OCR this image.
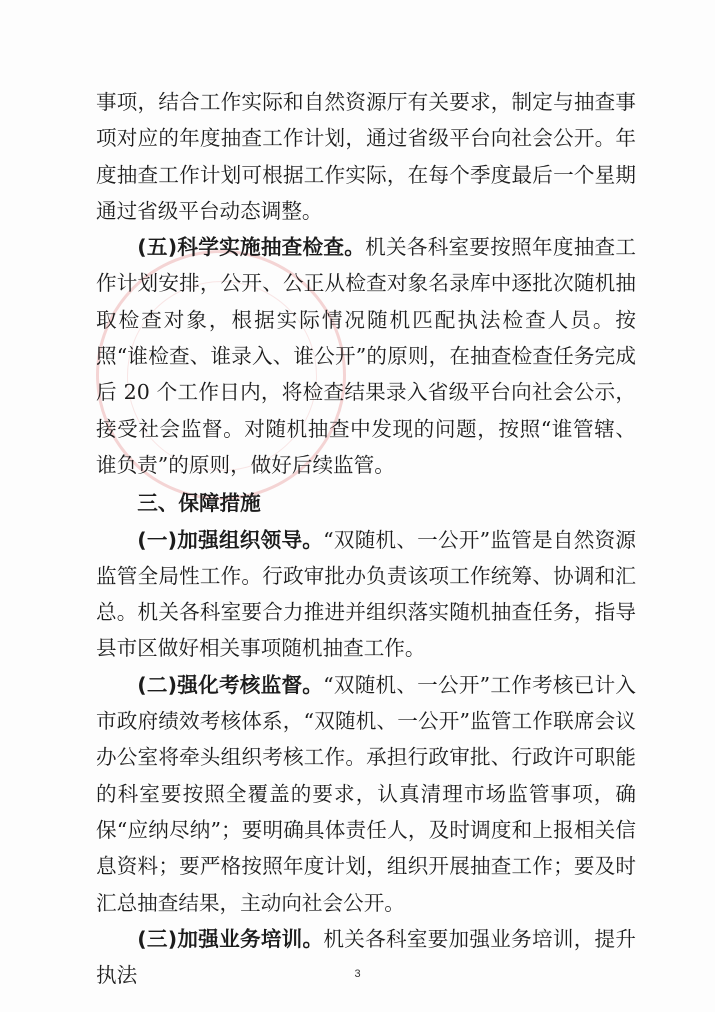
事项，结合工作实际和自然资源厅有关要求，制定与抽查事项对应的年度抽查工作计划，通过省级平台向社会公开。年度抽查工作计划可根据工作实际，在每个季度最后一个星期通过省级平台动态调整。

(五)科学实施抽查检查。机关各科室要按照年度抽查工作计划安排，公开、公正从检查对象名录库中逐批次随机抽取检查对象，根据实际情况随机匹配执法检查人员。按照“谁检查、谁录入、谁公开”的原则，在抽查检查任务完成后 20 个工作日内，将检查结果录入省级平台向社会公示，接受社会监督。对随机抽查中发现的问题，按照“谁管辖、谁负责”的原则，做好后续监管。

三、保障措施

(一)加强组织领导。“双随机、一公开”监管是自然资源监管全局性工作。行政审批办负责该项工作统筹、协调和汇总。机关各科室要合力推进并组织落实随机抽查任务，指导县市区做好相关事项随机抽查工作。

(二)强化考核监督。“双随机、一公开”工作考核已计入市政府绩效考核体系，“双随机、一公开”监管工作联席会议办公室将牵头组织考核工作。承担行政审批、行政许可职能的科室要按照全覆盖的要求，认真清理市场监管事项，确保“应纳尽纳”；要明确具体责任人，及时调度和上报相关信息资料；要严格按照年度计划，组织开展抽查工作；要及时汇总抽查结果，主动向社会公开。

(三)加强业务培训。机关各科室要加强业务培训，提升执法	3
